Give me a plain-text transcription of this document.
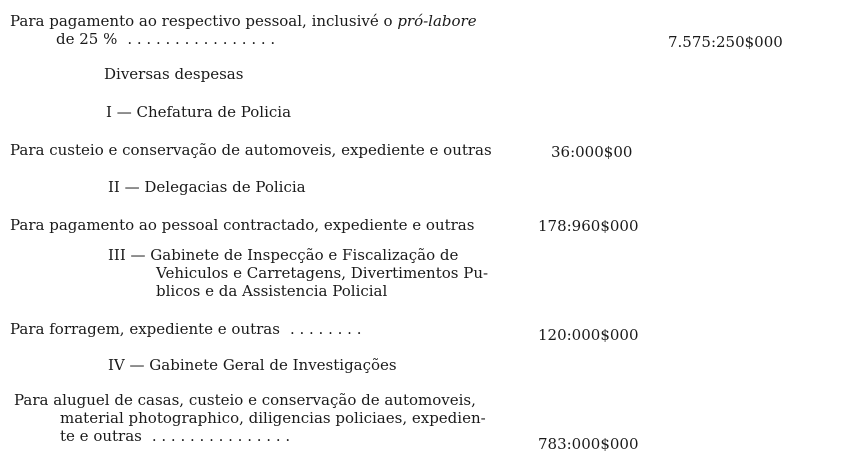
Para pagamento ao respectivo pessoal, inclusivé o pró-labore
de 25 % . . . . . . . . . . . . . . . .	7.575:250$000
Diversas despesas
I — Chefatura de Policia
Para custeio e conservação de automoveis, expediente e outras	36:000$00
II — Delegacias de Policia
Para pagamento ao pessoal contractado, expediente e outras	178:960$000
III — Gabinete de Inspecção e Fiscalização de
Vehiculos e Carretagens, Divertimentos Pu-
blicos e da Assistencia Policial
Para forragem, expediente e outras . . . . . . . .	120:000$000
IV — Gabinete Geral de Investigações
Para aluguel de casas, custeio e conservação de automoveis,
material photographico, diligencias policiaes, expedien-
te e outras . . . . . . . . . . . . . . .	783:000$000
